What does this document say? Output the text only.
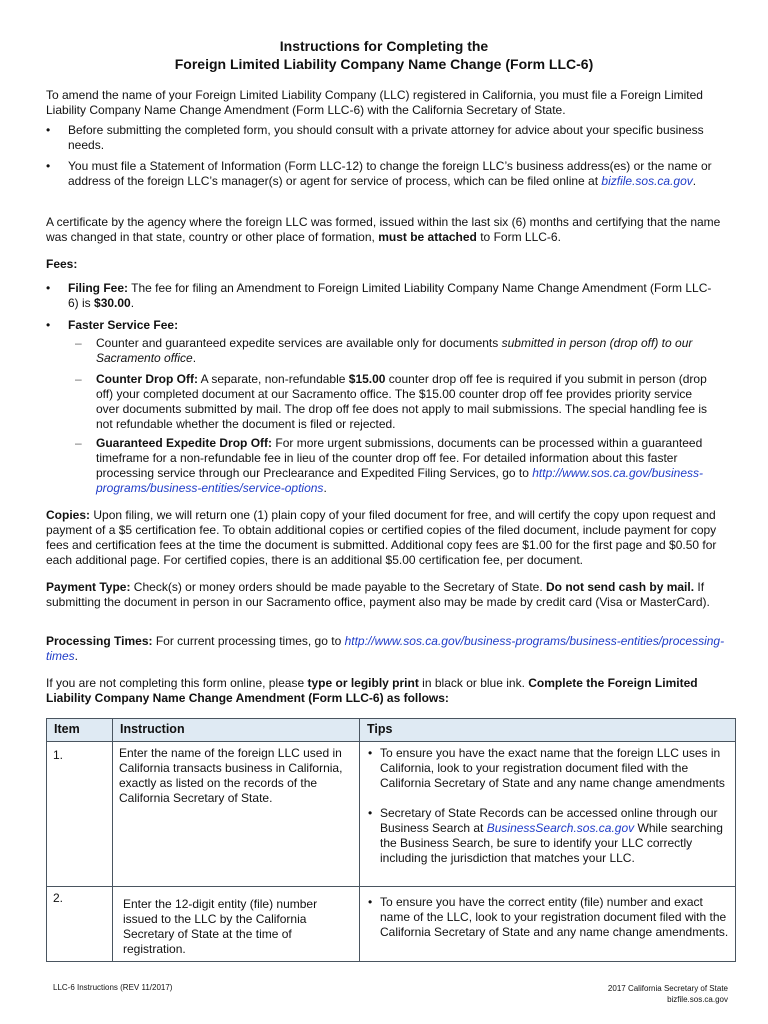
Instructions for Completing the
Foreign Limited Liability Company Name Change (Form LLC-6)
To amend the name of your Foreign Limited Liability Company (LLC) registered in California, you must file a Foreign Limited Liability Company Name Change Amendment (Form LLC-6) with the California Secretary of State.
•	Before submitting the completed form, you should consult with a private attorney for advice about your specific business needs.
•	You must file a Statement of Information (Form LLC-12) to change the foreign LLC’s business address(es) or the name or address of the foreign LLC’s manager(s) or agent for service of process, which can be filed online at bizfile.sos.ca.gov.
A certificate by the agency where the foreign LLC was formed, issued within the last six (6) months and certifying that the name was changed in that state, country or other place of formation, must be attached to Form LLC-6.
Fees:
•	Filing Fee: The fee for filing an Amendment to Foreign Limited Liability Company Name Change Amendment (Form LLC-6) is $30.00.
•	Faster Service Fee:
– Counter and guaranteed expedite services are available only for documents submitted in person (drop off) to our Sacramento office.
– Counter Drop Off: A separate, non-refundable $15.00 counter drop off fee is required if you submit in person (drop off) your completed document at our Sacramento office. The $15.00 counter drop off fee provides priority service over documents submitted by mail. The drop off fee does not apply to mail submissions. The special handling fee is not refundable whether the document is filed or rejected.
– Guaranteed Expedite Drop Off: For more urgent submissions, documents can be processed within a guaranteed timeframe for a non-refundable fee in lieu of the counter drop off fee. For detailed information about this faster processing service through our Preclearance and Expedited Filing Services, go to http://www.sos.ca.gov/business-programs/business-entities/service-options.
Copies: Upon filing, we will return one (1) plain copy of your filed document for free, and will certify the copy upon request and payment of a $5 certification fee. To obtain additional copies or certified copies of the filed document, include payment for copy fees and certification fees at the time the document is submitted. Additional copy fees are $1.00 for the first page and $0.50 for each additional page. For certified copies, there is an additional $5.00 certification fee, per document.
Payment Type: Check(s) or money orders should be made payable to the Secretary of State. Do not send cash by mail. If submitting the document in person in our Sacramento office, payment also may be made by credit card (Visa or MasterCard).
Processing Times: For current processing times, go to http://www.sos.ca.gov/business-programs/business-entities/processing-times.
If you are not completing this form online, please type or legibly print in black or blue ink. Complete the Foreign Limited Liability Company Name Change Amendment (Form LLC-6) as follows:
Item	Instruction	Tips
1.	Enter the name of the foreign LLC used in California transacts business in California, exactly as listed on the records of the California Secretary of State.	• To ensure you have the exact name that the foreign LLC uses in California, look to your registration document filed with the California Secretary of State and any name change amendments
• Secretary of State Records can be accessed online through our Business Search at BusinessSearch.sos.ca.gov While searching the Business Search, be sure to identify your LLC correctly including the jurisdiction that matches your LLC.

2.	Enter the 12-digit entity (file) number issued to the LLC by the California Secretary of State at the time of registration.	• To ensure you have the correct entity (file) number and exact name of the LLC, look to your registration document filed with the California Secretary of State and any name change amendments.
LLC-6 Instructions (REV 11/2017)	2017 California Secretary of State
bizfile.sos.ca.gov
